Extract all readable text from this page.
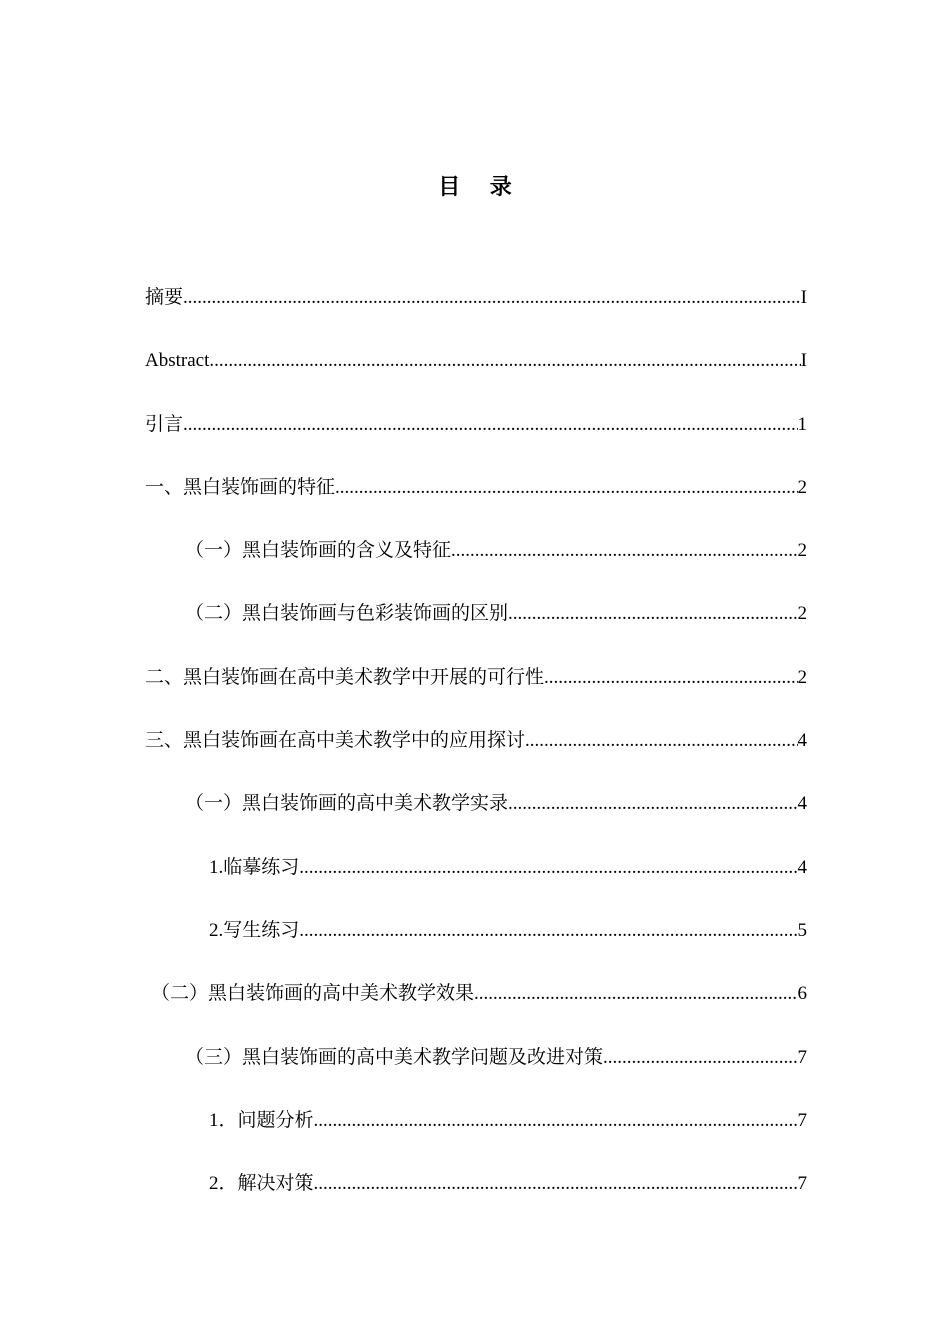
目 录
摘要 .....	I
Abstract .....	I
引言 .....	1
一、黑白装饰画的特征 .....	2
（一）黑白装饰画的含义及特征 .....	2
（二）黑白装饰画与色彩装饰画的区别 .....	2
二、黑白装饰画在高中美术教学中开展的可行性 .....	2
三、黑白装饰画在高中美术教学中的应用探讨 .....	4
（一）黑白装饰画的高中美术教学实录 .....	4
1.临摹练习 .....	4
2.写生练习 .....	5
（二）黑白装饰画的高中美术教学效果 .....	6
（三）黑白装饰画的高中美术教学问题及改进对策 .....	7
1．问题分析 .....	7
2．解决对策 .....	7
